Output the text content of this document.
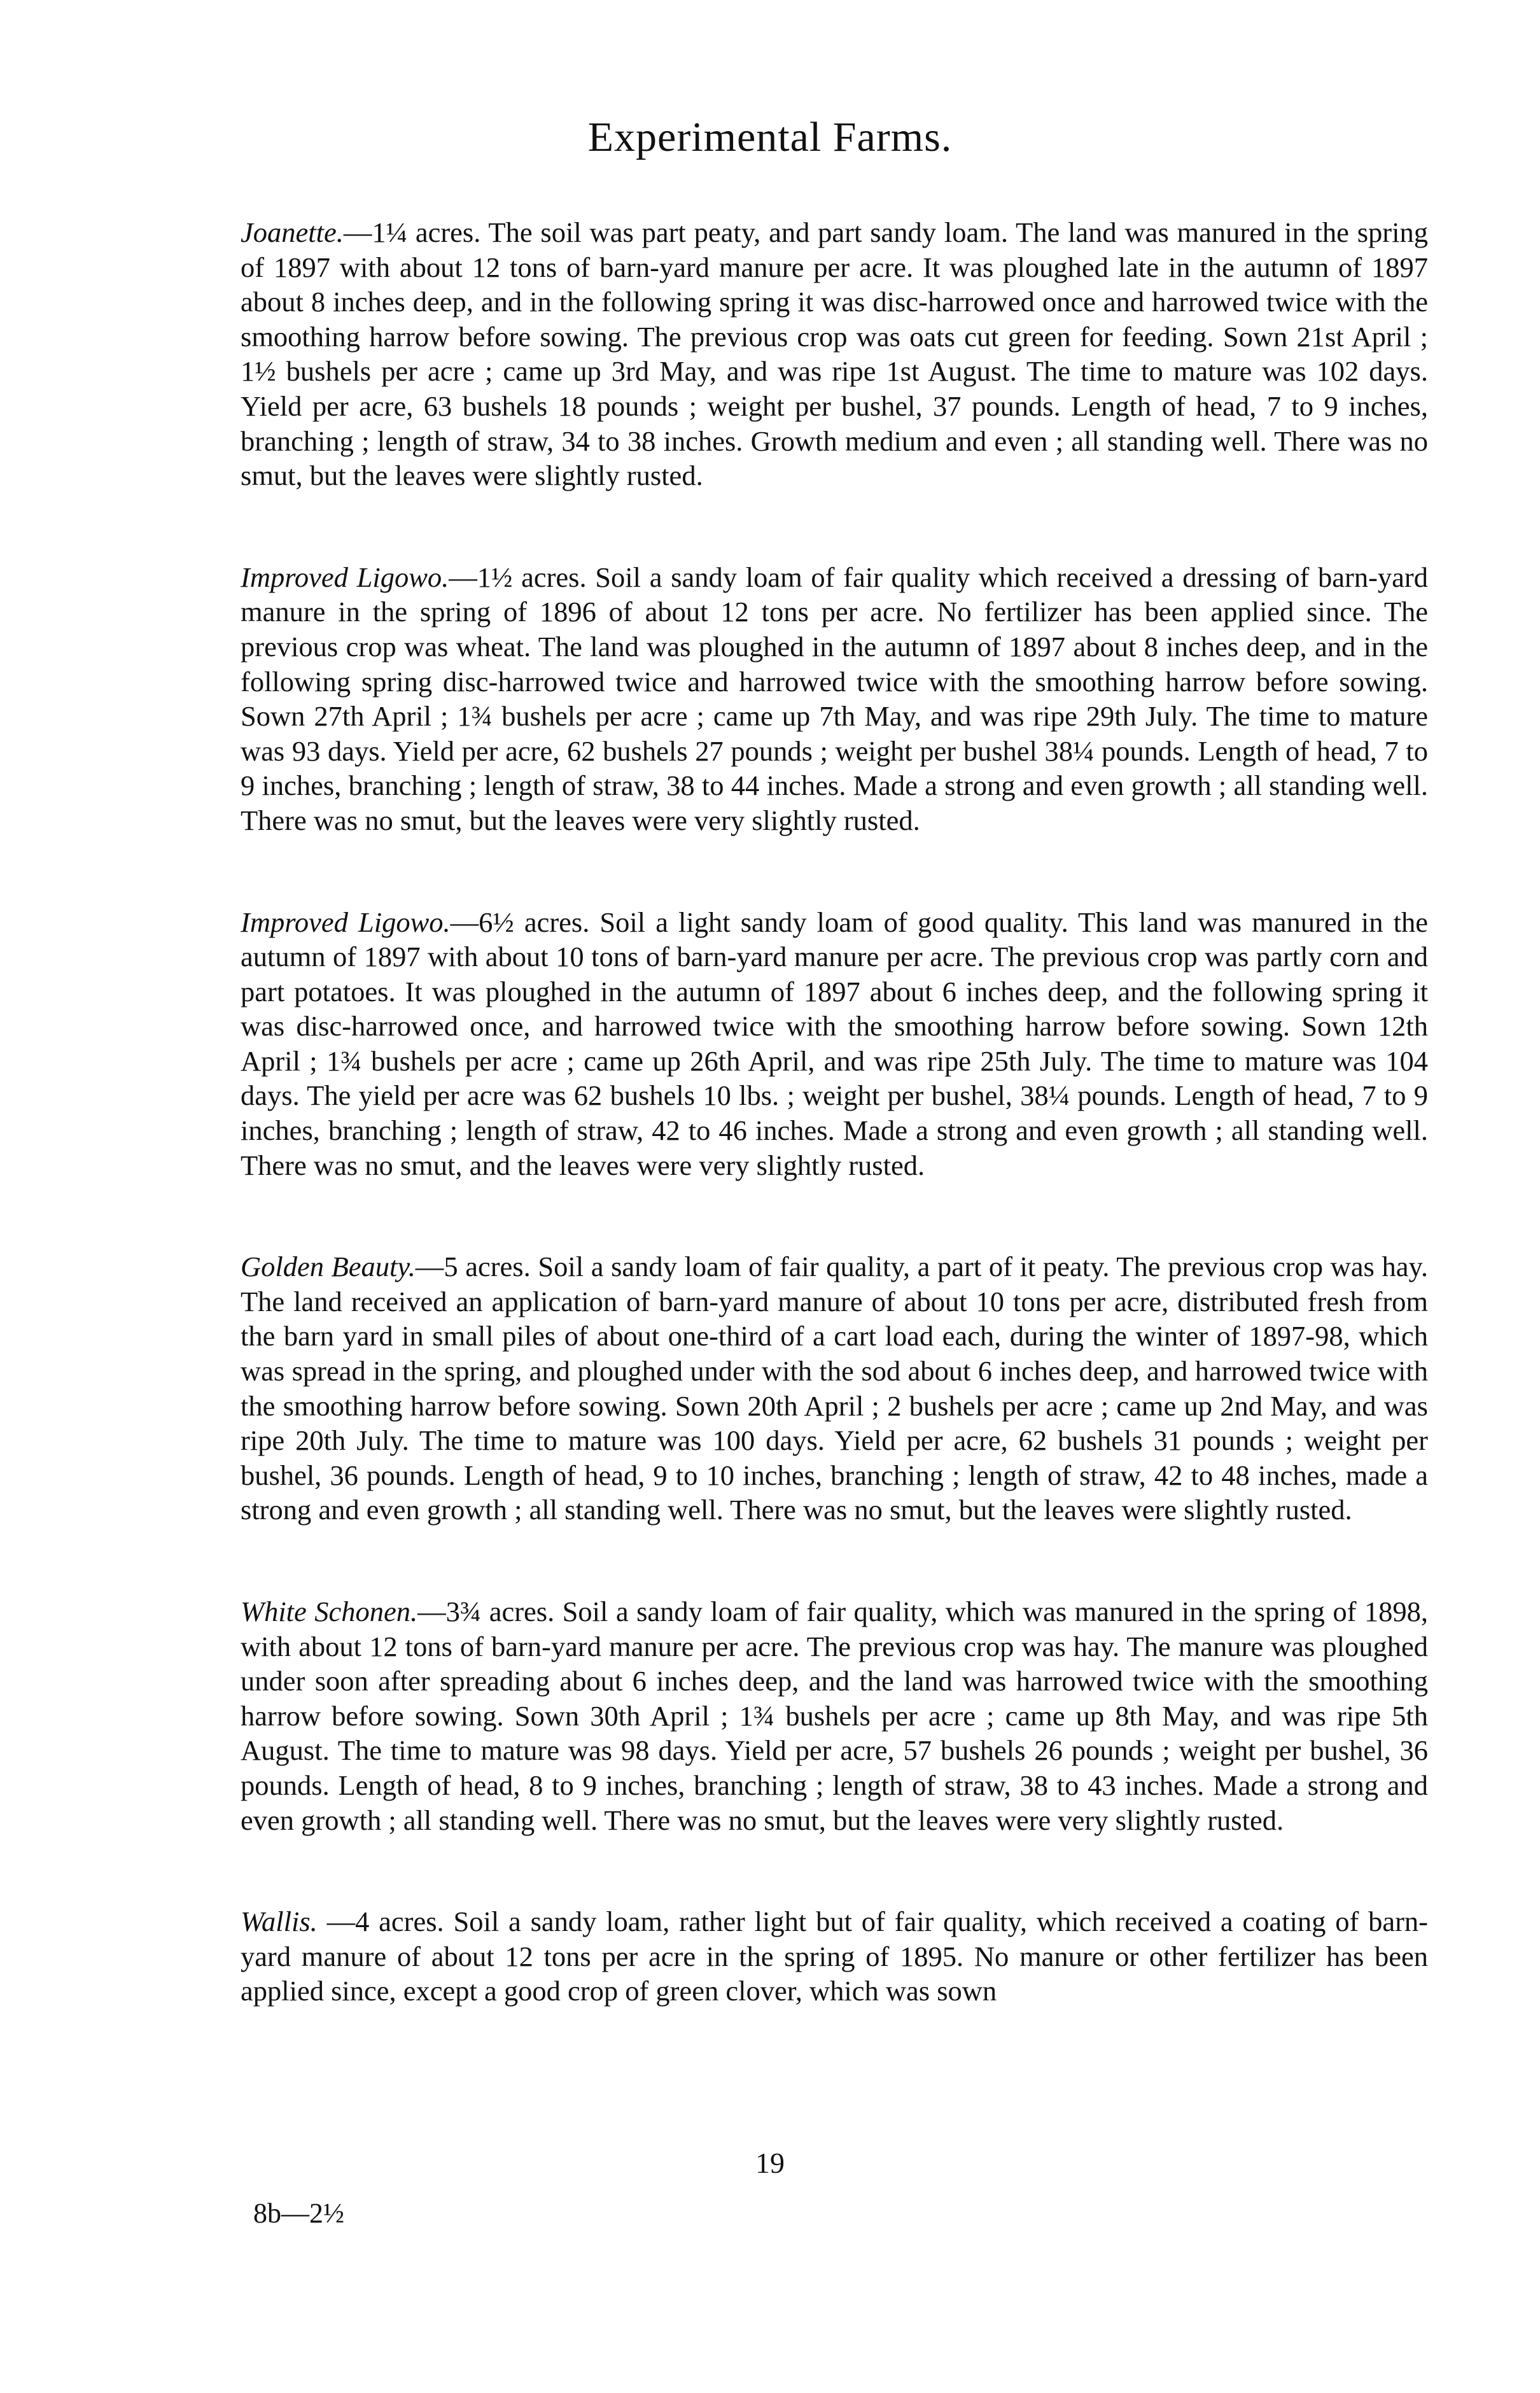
Experimental Farms.

Joanette.—1¼ acres. The soil was part peaty, and part sandy loam. The land was manured in the spring of 1897 with about 12 tons of barn-yard manure per acre. It was ploughed late in the autumn of 1897 about 8 inches deep, and in the following spring it was disc-harrowed once and harrowed twice with the smoothing harrow before sowing. The previous crop was oats cut green for feeding. Sown 21st April ; 1½ bushels per acre ; came up 3rd May, and was ripe 1st August. The time to mature was 102 days. Yield per acre, 63 bushels 18 pounds ; weight per bushel, 37 pounds. Length of head, 7 to 9 inches, branching ; length of straw, 34 to 38 inches. Growth medium and even ; all standing well. There was no smut, but the leaves were slightly rusted.

Improved Ligowo.—1½ acres. Soil a sandy loam of fair quality which received a dressing of barn-yard manure in the spring of 1896 of about 12 tons per acre. No fertilizer has been applied since. The previous crop was wheat. The land was ploughed in the autumn of 1897 about 8 inches deep, and in the following spring disc-harrowed twice and harrowed twice with the smoothing harrow before sowing. Sown 27th April ; 1¾ bushels per acre ; came up 7th May, and was ripe 29th July. The time to mature was 93 days. Yield per acre, 62 bushels 27 pounds ; weight per bushel 38¼ pounds. Length of head, 7 to 9 inches, branching ; length of straw, 38 to 44 inches. Made a strong and even growth ; all standing well. There was no smut, but the leaves were very slightly rusted.

Improved Ligowo.—6½ acres. Soil a light sandy loam of good quality. This land was manured in the autumn of 1897 with about 10 tons of barn-yard manure per acre. The previous crop was partly corn and part potatoes. It was ploughed in the autumn of 1897 about 6 inches deep, and the following spring it was disc-harrowed once, and harrowed twice with the smoothing harrow before sowing. Sown 12th April ; 1¾ bushels per acre ; came up 26th April, and was ripe 25th July. The time to mature was 104 days. The yield per acre was 62 bushels 10 lbs. ; weight per bushel, 38¼ pounds. Length of head, 7 to 9 inches, branching ; length of straw, 42 to 46 inches. Made a strong and even growth ; all standing well. There was no smut, and the leaves were very slightly rusted.

Golden Beauty.—5 acres. Soil a sandy loam of fair quality, a part of it peaty. The previous crop was hay. The land received an application of barn-yard manure of about 10 tons per acre, distributed fresh from the barn yard in small piles of about one-third of a cart load each, during the winter of 1897-98, which was spread in the spring, and ploughed under with the sod about 6 inches deep, and harrowed twice with the smoothing harrow before sowing. Sown 20th April ; 2 bushels per acre ; came up 2nd May, and was ripe 20th July. The time to mature was 100 days. Yield per acre, 62 bushels 31 pounds ; weight per bushel, 36 pounds. Length of head, 9 to 10 inches, branching ; length of straw, 42 to 48 inches, made a strong and even growth ; all standing well. There was no smut, but the leaves were slightly rusted.

White Schonen.—3¾ acres. Soil a sandy loam of fair quality, which was manured in the spring of 1898, with about 12 tons of barn-yard manure per acre. The previous crop was hay. The manure was ploughed under soon after spreading about 6 inches deep, and the land was harrowed twice with the smoothing harrow before sowing. Sown 30th April ; 1¾ bushels per acre ; came up 8th May, and was ripe 5th August. The time to mature was 98 days. Yield per acre, 57 bushels 26 pounds ; weight per bushel, 36 pounds. Length of head, 8 to 9 inches, branching ; length of straw, 38 to 43 inches. Made a strong and even growth ; all standing well. There was no smut, but the leaves were very slightly rusted.

Wallis. —4 acres. Soil a sandy loam, rather light but of fair quality, which received a coating of barn-yard manure of about 12 tons per acre in the spring of 1895. No manure or other fertilizer has been applied since, except a good crop of green clover, which was sown

19
8b—2½
